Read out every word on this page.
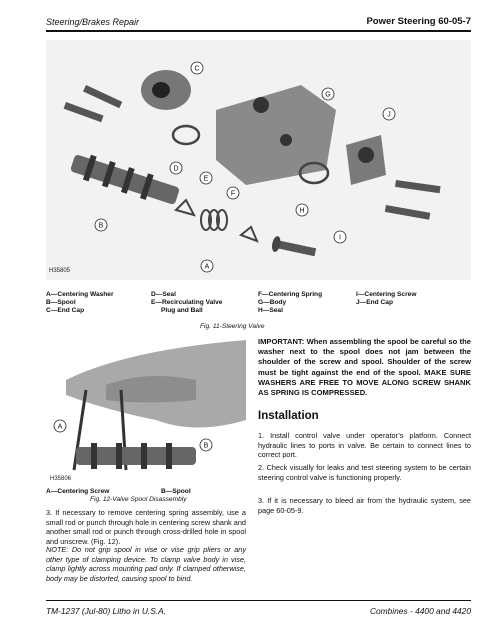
Steering/Brakes Repair	Power Steering 60-05-7
C
D
B
E
F
G
H
I
J
A
H35805
A—Centering Washer
B—Spool
C—End Cap
D—Seal
E—Recirculating Valve
Plug and Ball
F—Centering Spring
G—Body
H—Seal
I—Centering Screw
J—End Cap
Fig. 11-Steering Valve
A
B
H35806
A—Centering Screw	B—Spool
Fig. 12-Valve Spool Disassembly
3. If necessary to remove centering spring assembly, use a small rod or punch through hole in centering screw shank and another small rod or punch through cross-drilled hole in spool and unscrew. (Fig. 12).
NOTE: Do not grip spool in vise or vise grip pliers or any other type of clamping device. To clamp valve body in vise, clamp lightly across mounting pad only. If clamped otherwise, body may be distorted, causing spool to bind.
IMPORTANT: When assembling the spool be careful so the washer next to the spool does not jam between the shoulder of the screw and spool. Shoulder of the screw must be tight against the end of the spool. MAKE SURE WASHERS ARE FREE TO MOVE ALONG SCREW SHANK AS SPRING IS COMPRESSED.
Installation
1. Install control valve under operator’s platform. Connect hydraulic lines to ports in valve. Be certain to connect lines to correct port.
2. Check visually for leaks and test steering system to be certain steering control valve is functioning properly.
3. If it is necessary to bleed air from the hydraulic system, see page 60-05-9.
TM-1237 (Jul-80) Litho in U.S.A.	Combines - 4400 and 4420
